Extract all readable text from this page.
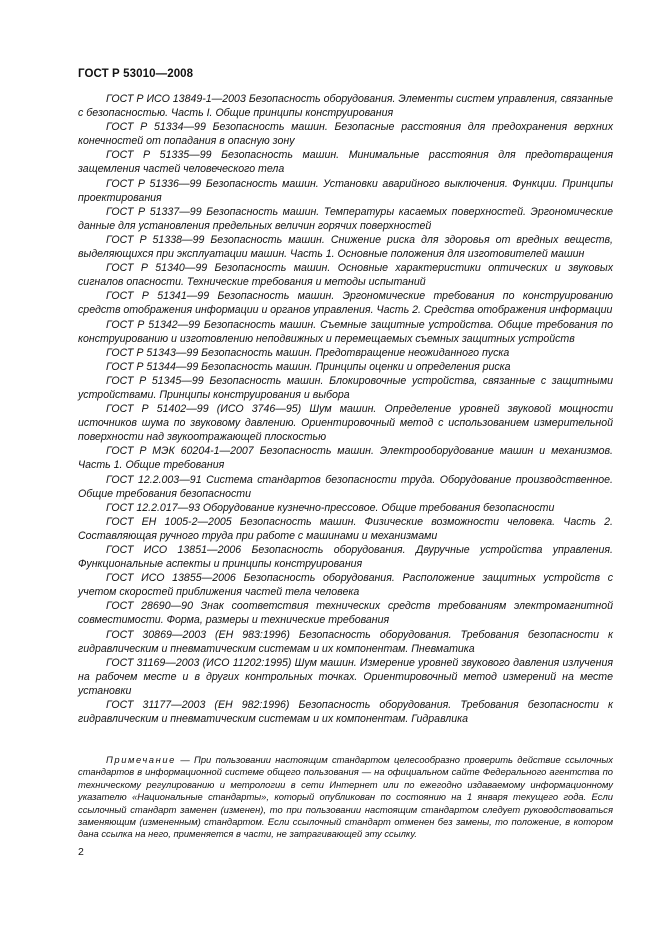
ГОСТ Р 53010—2008

ГОСТ Р ИСО 13849-1—2003 Безопасность оборудования. Элементы систем управления, связанные с безопасностью. Часть I. Общие принципы конструирования

ГОСТ Р 51334—99 Безопасность машин. Безопасные расстояния для предохранения верхних конечностей от попадания в опасную зону

ГОСТ Р 51335—99 Безопасность машин. Минимальные расстояния для предотвращения защемления частей человеческого тела

ГОСТ Р 51336—99 Безопасность машин. Установки аварийного выключения. Функции. Принципы проектирования

ГОСТ Р 51337—99 Безопасность машин. Температуры касаемых поверхностей. Эргономические данные для установления предельных величин горячих поверхностей

ГОСТ Р 51338—99 Безопасность машин. Снижение риска для здоровья от вредных веществ, выделяющихся при эксплуатации машин. Часть 1. Основные положения для изготовителей машин

ГОСТ Р 51340—99 Безопасность машин. Основные характеристики оптических и звуковых сигналов опасности. Технические требования и методы испытаний

ГОСТ Р 51341—99 Безопасность машин. Эргономические требования по конструированию средств отображения информации и органов управления. Часть 2. Средства отображения информации

ГОСТ Р 51342—99 Безопасность машин. Съемные защитные устройства. Общие требования по конструированию и изготовлению неподвижных и перемещаемых съемных защитных устройств

ГОСТ Р 51343—99 Безопасность машин. Предотвращение неожиданного пуска

ГОСТ Р 51344—99 Безопасность машин. Принципы оценки и определения риска

ГОСТ Р 51345—99 Безопасность машин. Блокировочные устройства, связанные с защитными устройствами. Принципы конструирования и выбора

ГОСТ Р 51402—99 (ИСО 3746—95) Шум машин. Определение уровней звуковой мощности источников шума по звуковому давлению. Ориентировочный метод с использованием измерительной поверхности над звукоотражающей плоскостью

ГОСТ Р МЭК 60204-1—2007 Безопасность машин. Электрооборудование машин и механизмов. Часть 1. Общие требования

ГОСТ 12.2.003—91 Система стандартов безопасности труда. Оборудование производственное. Общие требования безопасности

ГОСТ 12.2.017—93 Оборудование кузнечно-прессовое. Общие требования безопасности

ГОСТ ЕН 1005-2—2005 Безопасность машин. Физические возможности человека. Часть 2. Составляющая ручного труда при работе с машинами и механизмами

ГОСТ ИСО 13851—2006 Безопасность оборудования. Двуручные устройства управления. Функциональные аспекты и принципы конструирования

ГОСТ ИСО 13855—2006 Безопасность оборудования. Расположение защитных устройств с учетом скоростей приближения частей тела человека

ГОСТ 28690—90 Знак соответствия технических средств требованиям электромагнитной совместимости. Форма, размеры и технические требования

ГОСТ 30869—2003 (ЕН 983:1996) Безопасность оборудования. Требования безопасности к гидравлическим и пневматическим системам и их компонентам. Пневматика

ГОСТ 31169—2003 (ИСО 11202:1995) Шум машин. Измерение уровней звукового давления излучения на рабочем месте и в других контрольных точках. Ориентировочный метод измерений на месте установки

ГОСТ 31177—2003 (ЕН 982:1996) Безопасность оборудования. Требования безопасности к гидравлическим и пневматическим системам и их компонентам. Гидравлика

Примечание — При пользовании настоящим стандартом целесообразно проверить действие ссылочных стандартов в информационной системе общего пользования — на официальном сайте Федерального агентства по техническому регулированию и метрологии в сети Интернет или по ежегодно издаваемому информационному указателю «Национальные стандарты», который опубликован по состоянию на 1 января текущего года. Если ссылочный стандарт заменен (изменен), то при пользовании настоящим стандартом следует руководствоваться заменяющим (измененным) стандартом. Если ссылочный стандарт отменен без замены, то положение, в котором дана ссылка на него, применяется в части, не затрагивающей эту ссылку.

2
